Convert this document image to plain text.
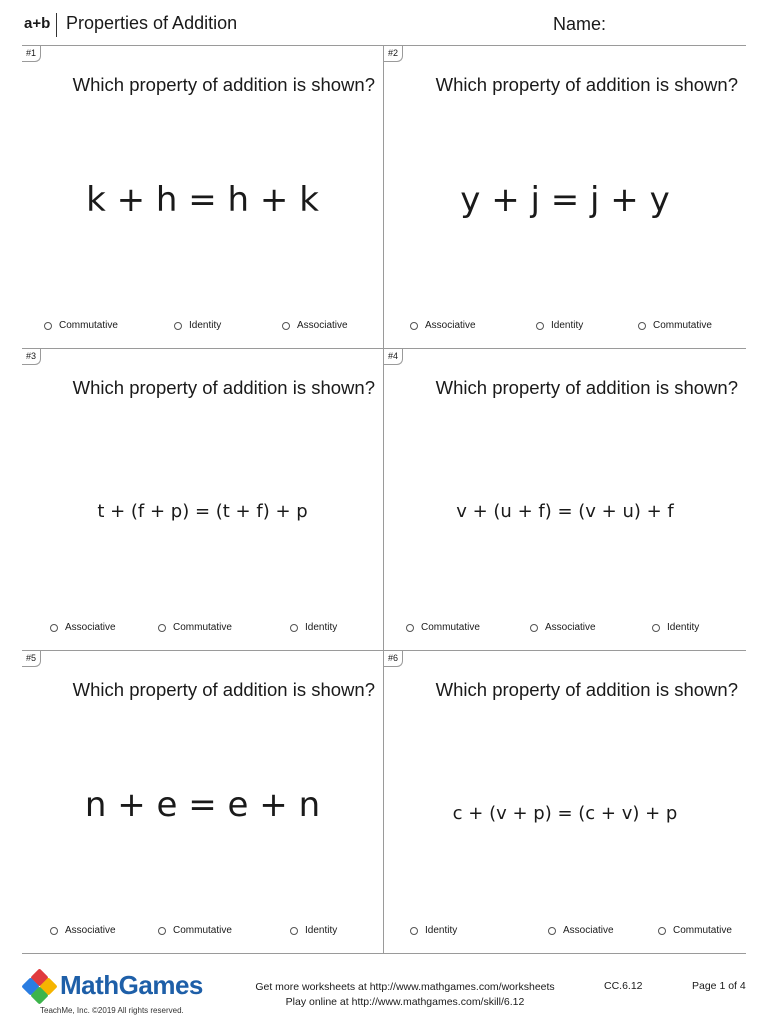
a+b Properties of Addition	Name:
#1
Which property of addition is shown?
k + h = h + k
Commutative	Identity	Associative
#2
Which property of addition is shown?
y + j = j + y
Associative	Identity	Commutative
#3
Which property of addition is shown?
t + (f + p) = (t + f) + p
Associative	Commutative	Identity
#4
Which property of addition is shown?
v + (u + f) = (v + u) + f
Commutative	Associative	Identity
#5
Which property of addition is shown?
n + e = e + n
Associative	Commutative	Identity
#6
Which property of addition is shown?
c + (v + p) = (c + v) + p
Identity	Associative	Commutative
MathGames
TeachMe, Inc. ©2019 All rights reserved.
Get more worksheets at http://www.mathgames.com/worksheets
Play online at http://www.mathgames.com/skill/6.12
CC.6.12	Page 1 of 4
